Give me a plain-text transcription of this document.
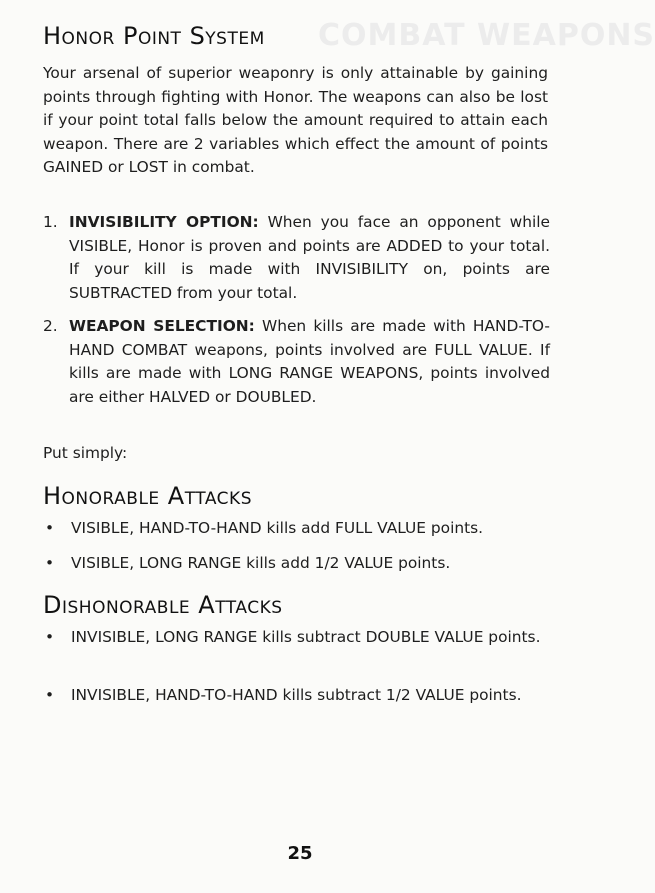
COMBAT WEAPONS
Honor Point System

Your arsenal of superior weaponry is only attainable by gaining points through fighting with Honor. The weapons can also be lost if your point total falls below the amount required to attain each weapon. There are 2 variables which effect the amount of points GAINED or LOST in combat.

1. INVISIBILITY OPTION: When you face an opponent while VISIBLE, Honor is proven and points are ADDED to your total. If your kill is made with INVISIBILITY on, points are SUBTRACTED from your total.
2. WEAPON SELECTION: When kills are made with HAND-TO-HAND COMBAT weapons, points involved are FULL VALUE. If kills are made with LONG RANGE WEAPONS, points involved are either HALVED or DOUBLED.

Put simply:

Honorable Attacks
•	VISIBLE, HAND-TO-HAND kills add FULL VALUE points.
•	VISIBLE, LONG RANGE kills add 1/2 VALUE points.
Dishonorable Attacks
•	INVISIBLE, LONG RANGE kills subtract DOUBLE VALUE points.
•	INVISIBLE, HAND-TO-HAND kills subtract 1/2 VALUE points.
25
